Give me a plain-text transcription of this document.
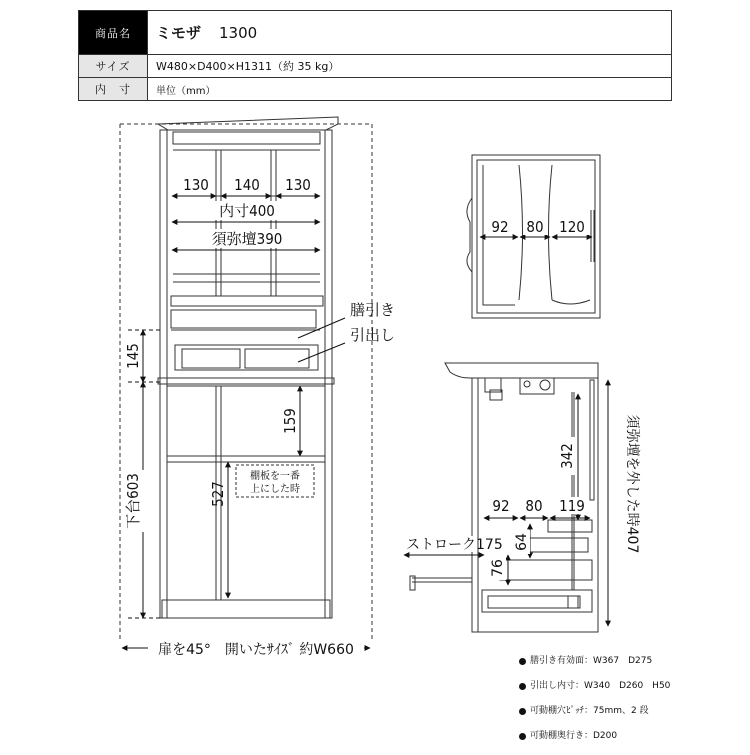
商品名	ミモザ 1300
サイズ	W480×D400×H1311（約 35 kg）
内　寸	単位（mm）
130 140 130
内寸400
須弥壇390
膳引き
引出し
145
159
527
下台603	棚板を一番
上にした時
扉を45°　開いたｻｲｽﾞ 約W660
92 80 120
342
92 80 119
64
76
ストローク175	須弥壇を外した時407
膳引き有効面：W367　D275
引出し内寸：W340　D260　H50
可動棚穴ﾋﾟｯﾁ：75mm、2 段
可動棚奥行き：D200
